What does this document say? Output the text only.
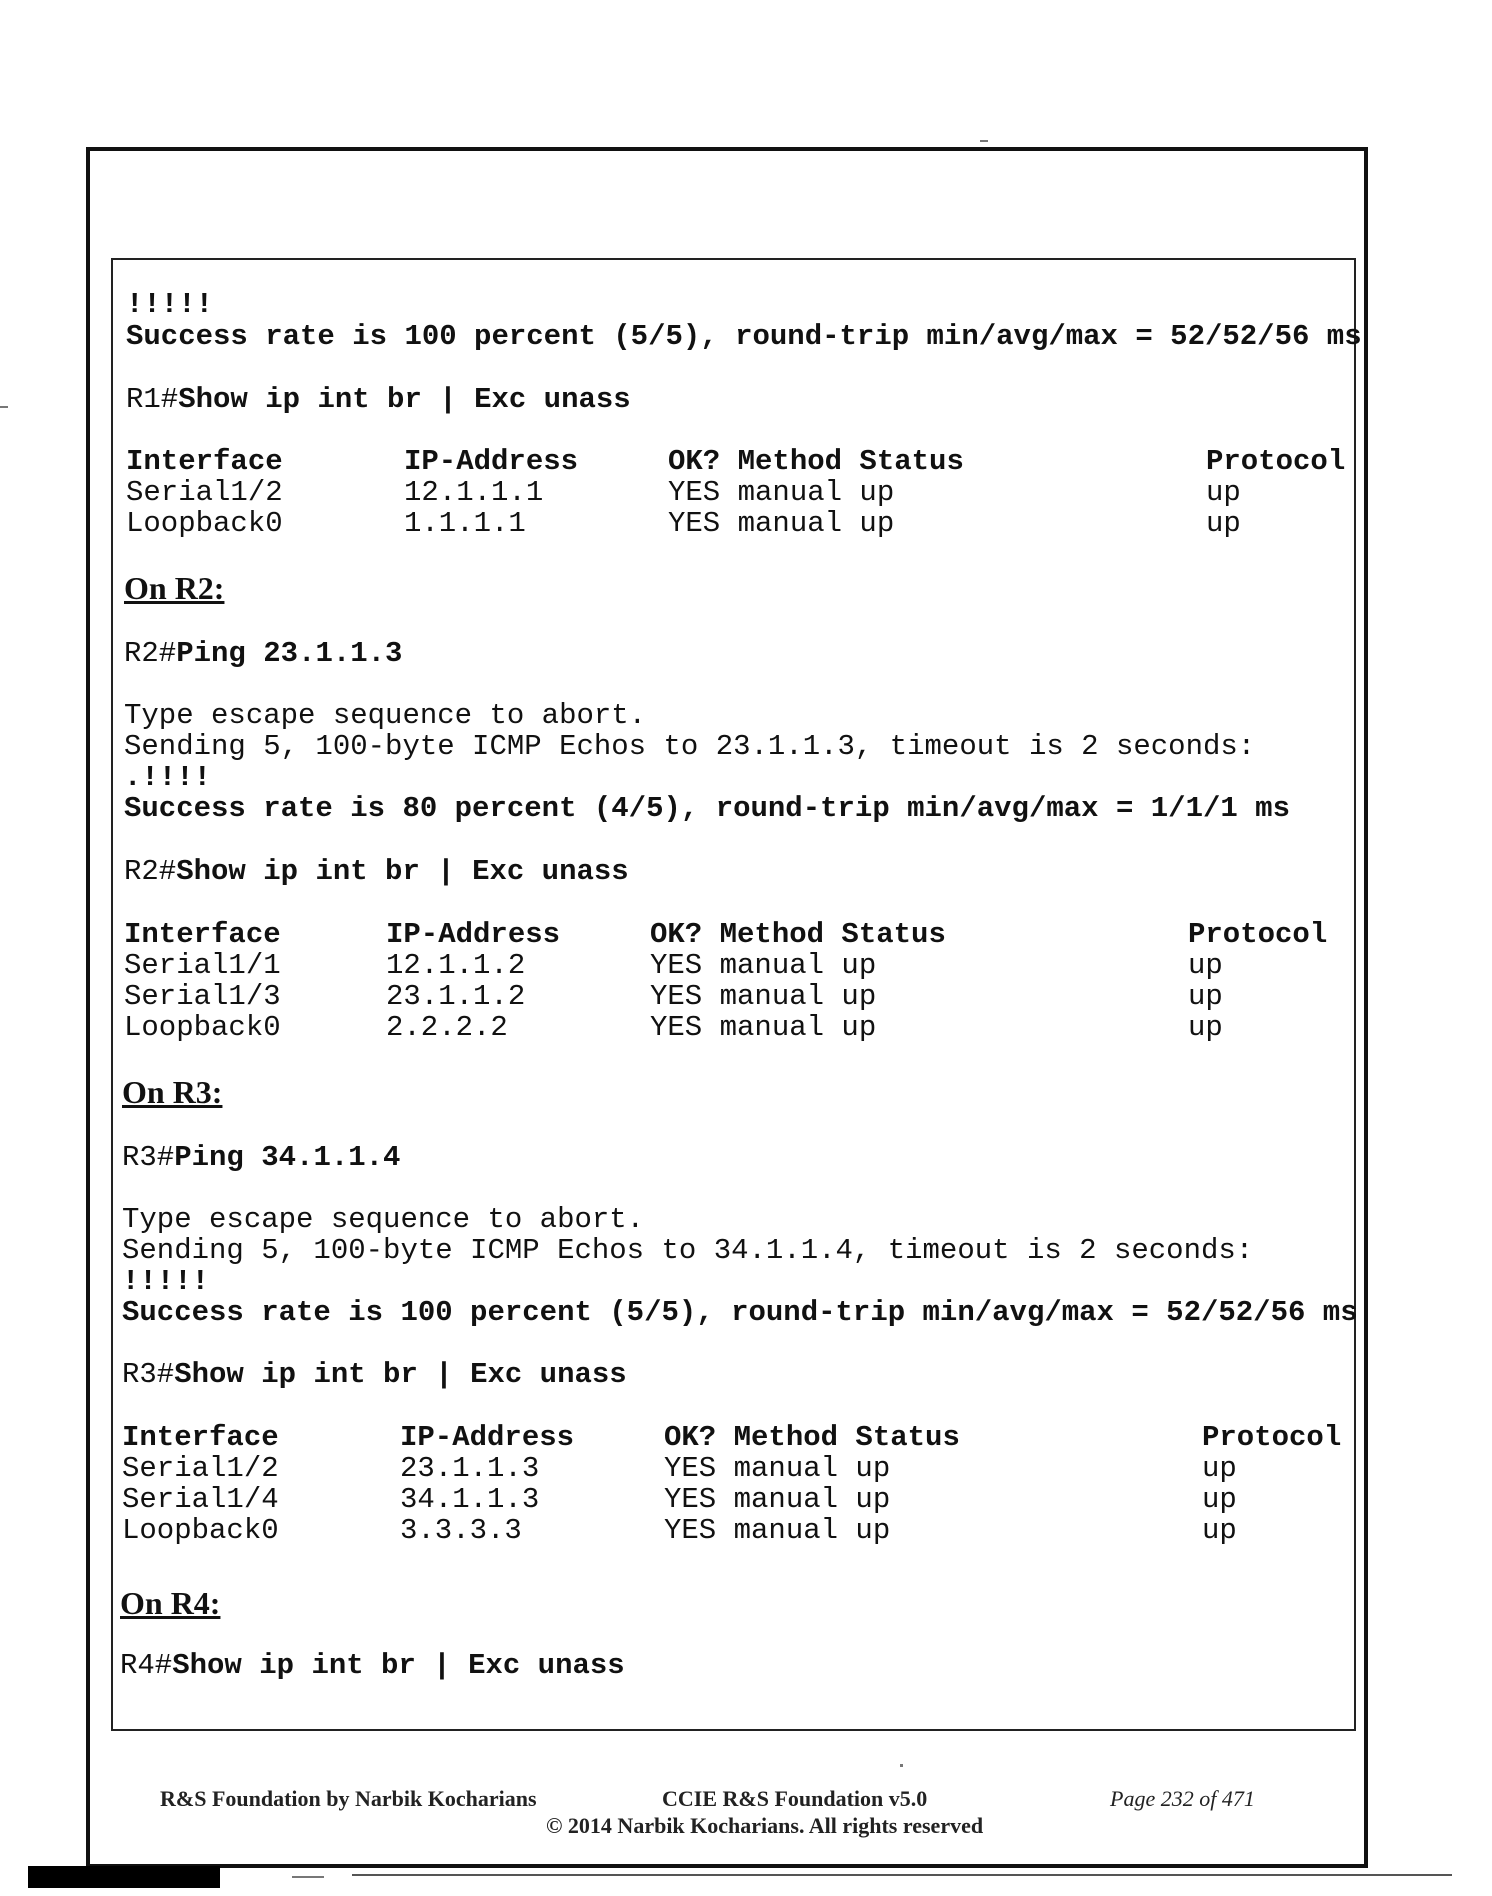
!!!!!
Success rate is 100 percent (5/5), round-trip min/avg/max = 52/52/56 ms
R1#Show ip int br | Exc unass
Interface	IP-Address	OK? Method Status	Protocol
Serial1/2	12.1.1.1	YES manual up	up
Loopback0	1.1.1.1	YES manual up	up
On R2:
R2#Ping 23.1.1.3
Type escape sequence to abort.
Sending 5, 100-byte ICMP Echos to 23.1.1.3, timeout is 2 seconds:
.!!!!
Success rate is 80 percent (4/5), round-trip min/avg/max = 1/1/1 ms
R2#Show ip int br | Exc unass
Interface	IP-Address	OK? Method Status	Protocol
Serial1/1	12.1.1.2	YES manual up	up
Serial1/3	23.1.1.2	YES manual up	up
Loopback0	2.2.2.2	YES manual up	up
On R3:
R3#Ping 34.1.1.4
Type escape sequence to abort.
Sending 5, 100-byte ICMP Echos to 34.1.1.4, timeout is 2 seconds:
!!!!!
Success rate is 100 percent (5/5), round-trip min/avg/max = 52/52/56 ms
R3#Show ip int br | Exc unass
Interface	IP-Address	OK? Method Status	Protocol
Serial1/2	23.1.1.3	YES manual up	up
Serial1/4	34.1.1.3	YES manual up	up
Loopback0	3.3.3.3	YES manual up	up
On R4:
R4#Show ip int br | Exc unass
R&S Foundation by Narbik Kocharians	CCIE R&S Foundation v5.0	Page 232 of 471
© 2014 Narbik Kocharians. All rights reserved
